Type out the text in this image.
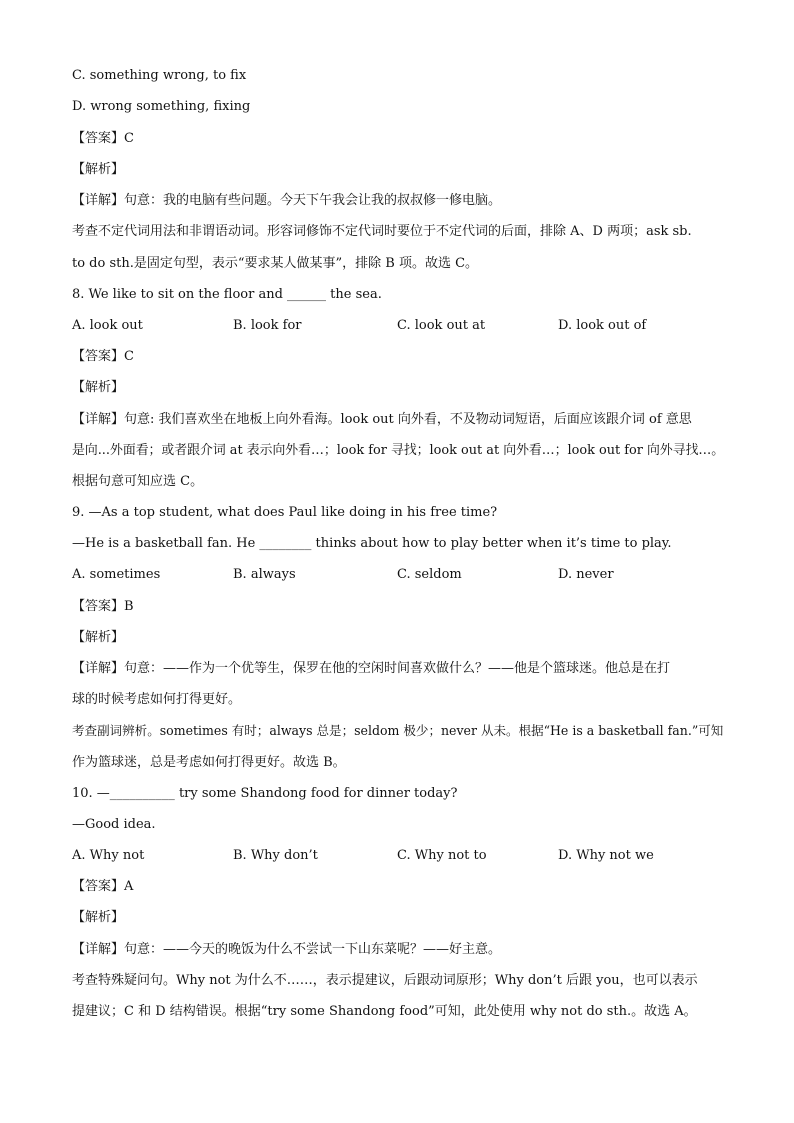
C. something wrong, to fix
D. wrong something, fixing
【答案】C
【解析】
【详解】句意：我的电脑有些问题。今天下午我会让我的叔叔修一修电脑。
考查不定代词用法和非谓语动词。形容词修饰不定代词时要位于不定代词的后面，排除 A、D 两项；ask sb.
to do sth.是固定句型，表示“要求某人做某事”，排除 B 项。故选 C。
8. We like to sit on the floor and ______ the sea.
A. look out	B. look for	C. look out at	D. look out of
【答案】C
【解析】
【详解】句意: 我们喜欢坐在地板上向外看海。look out 向外看，不及物动词短语，后面应该跟介词 of 意思
是向...外面看；或者跟介词 at 表示向外看…；look for 寻找；look out at 向外看…；look out for 向外寻找…。
根据句意可知应选 C。
9. —As a top student, what does Paul like doing in his free time?
—He is a basketball fan. He ________ thinks about how to play better when it’s time to play.
A. sometimes	B. always	C. seldom	D. never
【答案】B
【解析】
【详解】句意：——作为一个优等生，保罗在他的空闲时间喜欢做什么？——他是个篮球迷。他总是在打
球的时候考虑如何打得更好。
考查副词辨析。sometimes 有时；always 总是；seldom 极少；never 从未。根据“He is a basketball fan.”可知
作为篮球迷，总是考虑如何打得更好。故选 B。
10. —__________ try some Shandong food for dinner today?
—Good idea.
A. Why not	B. Why don’t	C. Why not to	D. Why not we
【答案】A
【解析】
【详解】句意：——今天的晚饭为什么不尝试一下山东菜呢？——好主意。
考查特殊疑问句。Why not 为什么不……，表示提建议，后跟动词原形；Why don’t 后跟 you，也可以表示
提建议；C 和 D 结构错误。根据“try some Shandong food”可知，此处使用 why not do sth.。故选 A。
